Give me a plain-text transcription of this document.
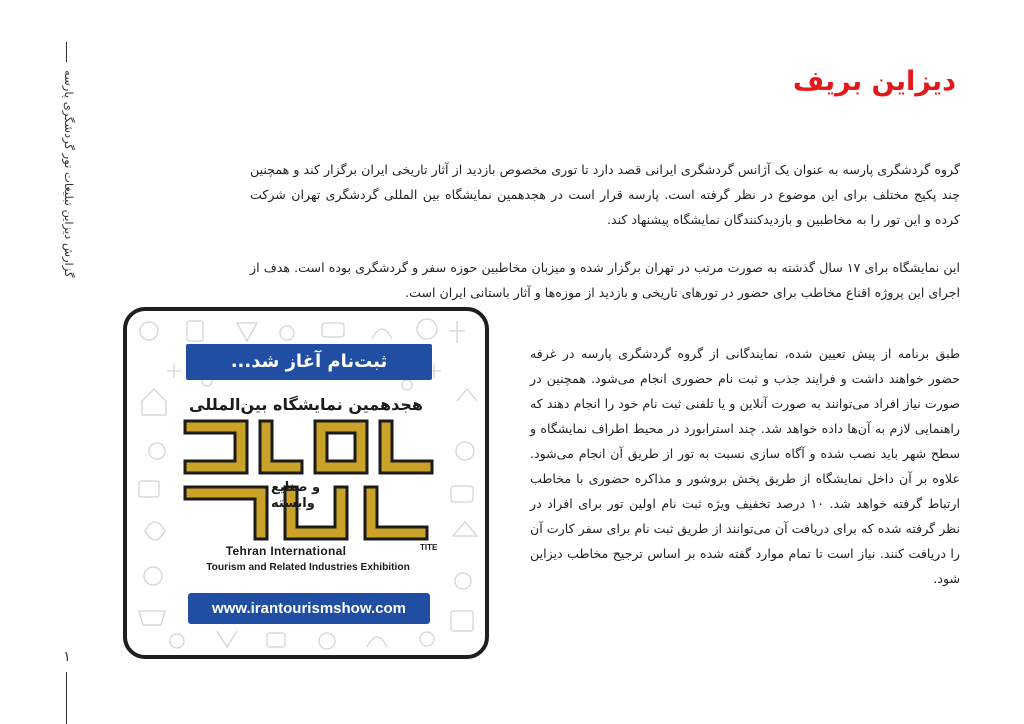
گزارش دیزاین تبلیغات تور گردشگری پارسه
۱
دیزاین بریف
گروه گردشگری پارسه به عنوان یک آژانس گردشگری ایرانی قصد دارد تا توری مخصوص بازدید از آثار تاریخی ایران برگزار کند و همچنین چند پکیج مختلف برای این موضوع در نظر گرفته است. پارسه قرار است در هجدهمین نمایشگاه بین المللی گردشگری تهران شرکت کرده و این تور را به مخاطبین و بازدیدکنندگان نمایشگاه پیشنهاد کند.
این نمایشگاه برای ۱۷ سال گذشته به صورت مرتب در تهران برگزار شده و میزبان مخاطبین حوزه سفر و گردشگری بوده است. هدف از اجرای این پروژه اقناع مخاطب برای حضور در تورهای تاریخی و بازدید از موزه‌ها و آثار باستانی ایران است.
طبق برنامه از پیش تعیین شده، نمایندگانی از گروه گردشگری پارسه در غرفه حضور خواهند داشت و فرایند جذب و ثبت نام حضوری انجام می‌شود. همچنین در صورت نیاز افراد می‌توانند به صورت آنلاین و یا تلفنی ثبت نام خود را انجام دهند که راهنمایی لازم به آن‌ها داده خواهد شد. چند استرابورد در محیط اطراف نمایشگاه و سطح شهر باید نصب شده و آگاه سازی نسبت به تور از طریق آن انجام می‌شود. علاوه بر آن داخل نمایشگاه از طریق پخش بروشور و مذاکره حضوری با مخاطب ارتباط گرفته خواهد شد. ۱۰ درصد تخفیف ویژه ثبت نام اولین تور برای افراد در نظر گرفته شده که برای دریافت آن می‌توانند از طریق ثبت نام برای سفر کارت آن را دریافت کنند. نیاز است تا تمام موارد گفته شده بر اساس ترجیح مخاطب دیزاین شود.
ثبت‌نام آغاز شد...
هجدهمین نمایشگاه بین‌المللی
و صنایع
وابسته
TITE
Tehran International
Tourism and Related Industries Exhibition
www.irantourismshow.com
